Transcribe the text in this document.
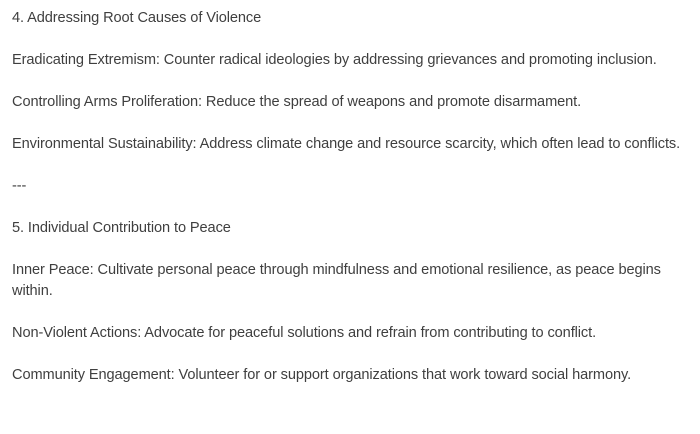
4. Addressing Root Causes of Violence

Eradicating Extremism: Counter radical ideologies by addressing grievances and promoting inclusion.

Controlling Arms Proliferation: Reduce the spread of weapons and promote disarmament.

Environmental Sustainability: Address climate change and resource scarcity, which often lead to conflicts.

---

5. Individual Contribution to Peace

Inner Peace: Cultivate personal peace through mindfulness and emotional resilience, as peace begins within.

Non-Violent Actions: Advocate for peaceful solutions and refrain from contributing to conflict.

Community Engagement: Volunteer for or support organizations that work toward social harmony.
